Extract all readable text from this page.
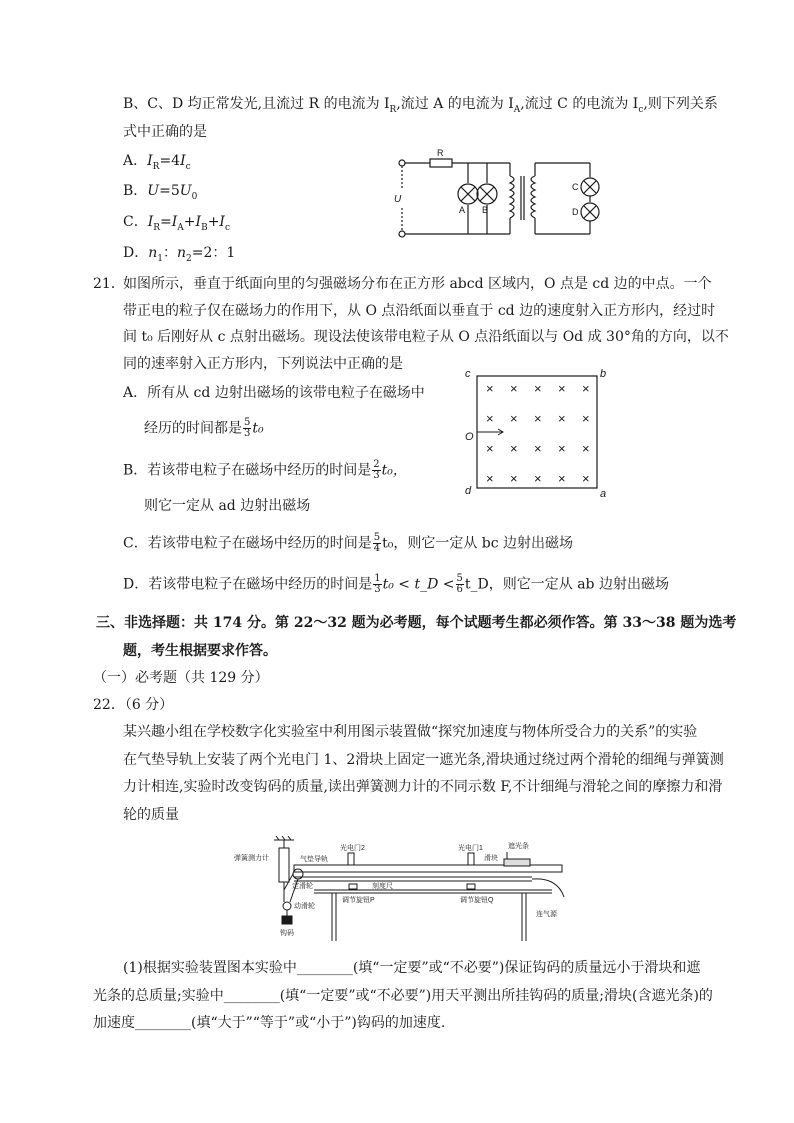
B、C、D 均正常发光,且流过 R 的电流为 $I_R$,流过 A 的电流为 $I_A$,流过 C 的电流为 $I_c$,则下列关系
式中正确的是
A．$I_R=4I_c$
B．$U=5U_0$
C．$I_R=I_A+I_B+I_c$
D．$n_1$：$n_2=2$：1
R
U
A B
C
D
21．
如图所示，垂直于纸面向里的匀强磁场分布在正方形 abcd 区域内，O 点是 cd 边的中点。一个
带正电的粒子仅在磁场力的作用下，从 O 点沿纸面以垂直于 cd 边的速度射入正方形内，经过时
间 t₀ 后刚好从 c 点射出磁场。现设法使该带电粒子从 O 点沿纸面以与 Od 成 30°角的方向，以不
同的速率射入正方形内，下列说法中正确的是
A．所有从 cd 边射出磁场的该带电粒子在磁场中
经历的时间都是 $\frac{5}{3} t_0$
B．若该带电粒子在磁场中经历的时间是 $\frac{2}{3} t_0$，
则它一定从 ad 边射出磁场
C．若该带电粒子在磁场中经历的时间是 $\frac{5}{4} t_0$，则它一定从 bc 边射出磁场
D．若该带电粒子在磁场中经历的时间是 $\frac{1}{3} t_0$ < t_D < $\frac{5}{6}$ t_D，则它一定从 ab 边射出磁场
× × × × ×
× × × × ×
× × × × ×
× × × × ×
c	b
O
d	a
三、非选择题：共 174 分。第 22～32 题为必考题，每个试题考生都必须作答。第 33～38 题为选考
题，考生根据要求作答。
（一）必考题（共 129 分）
22．（6 分）
某兴趣小组在学校数字化实验室中利用图示装置做“探究加速度与物体所受合力的关系”的实验
在气垫导轨上安装了两个光电门 1、2滑块上固定一遮光条,滑块通过绕过两个滑轮的细绳与弹簧测
力计相连,实验时改变钩码的质量,读出弹簧测力计的不同示数 F,不计细绳与滑轮之间的摩擦力和滑
轮的质量
弹簧测力计
光电门2	光电门1	遮光条
气垫导轨	滑块
定滑轮	刻度尺
动滑轮
调节旋钮P	调节旋钮Q
连气源
钩码
(1)根据实验装置图本实验中________(填“一定要”或“不必要”)保证钩码的质量远小于滑块和遮
光条的总质量;实验中________(填“一定要”或“不必要”)用天平测出所挂钩码的质量;滑块(含遮光条)的
加速度________(填“大于”“等于”或“小于”)钩码的加速度.
